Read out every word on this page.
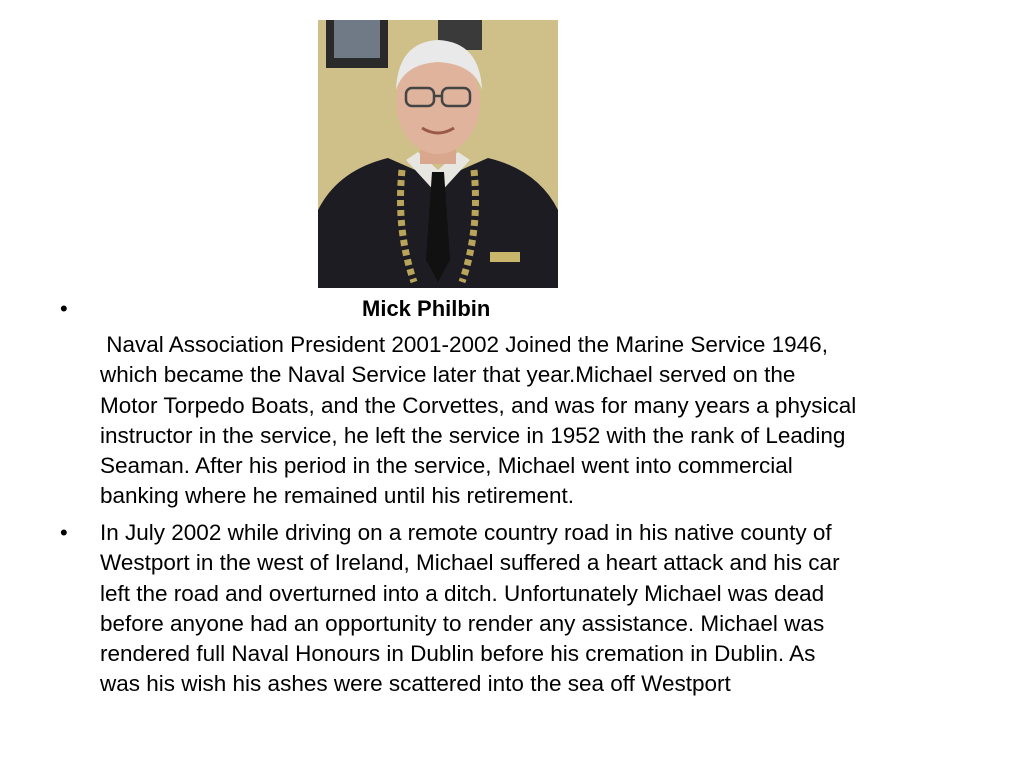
•	Mick Philbin
Naval Association President 2001-2002 Joined the Marine Service 1946,
which became the Naval Service later that year.Michael served on the
Motor Torpedo Boats, and the Corvettes, and was for many years a physical
instructor in the service, he left the service in 1952 with the rank of Leading
Seaman. After his period in the service, Michael went into commercial
banking where he remained until his retirement.
• In July 2002 while driving on a remote country road in his native county of
Westport in the west of Ireland, Michael suffered a heart attack and his car
left the road and overturned into a ditch. Unfortunately Michael was dead
before anyone had an opportunity to render any assistance. Michael was
rendered full Naval Honours in Dublin before his cremation in Dublin. As
was his wish his ashes were scattered into the sea off Westport
